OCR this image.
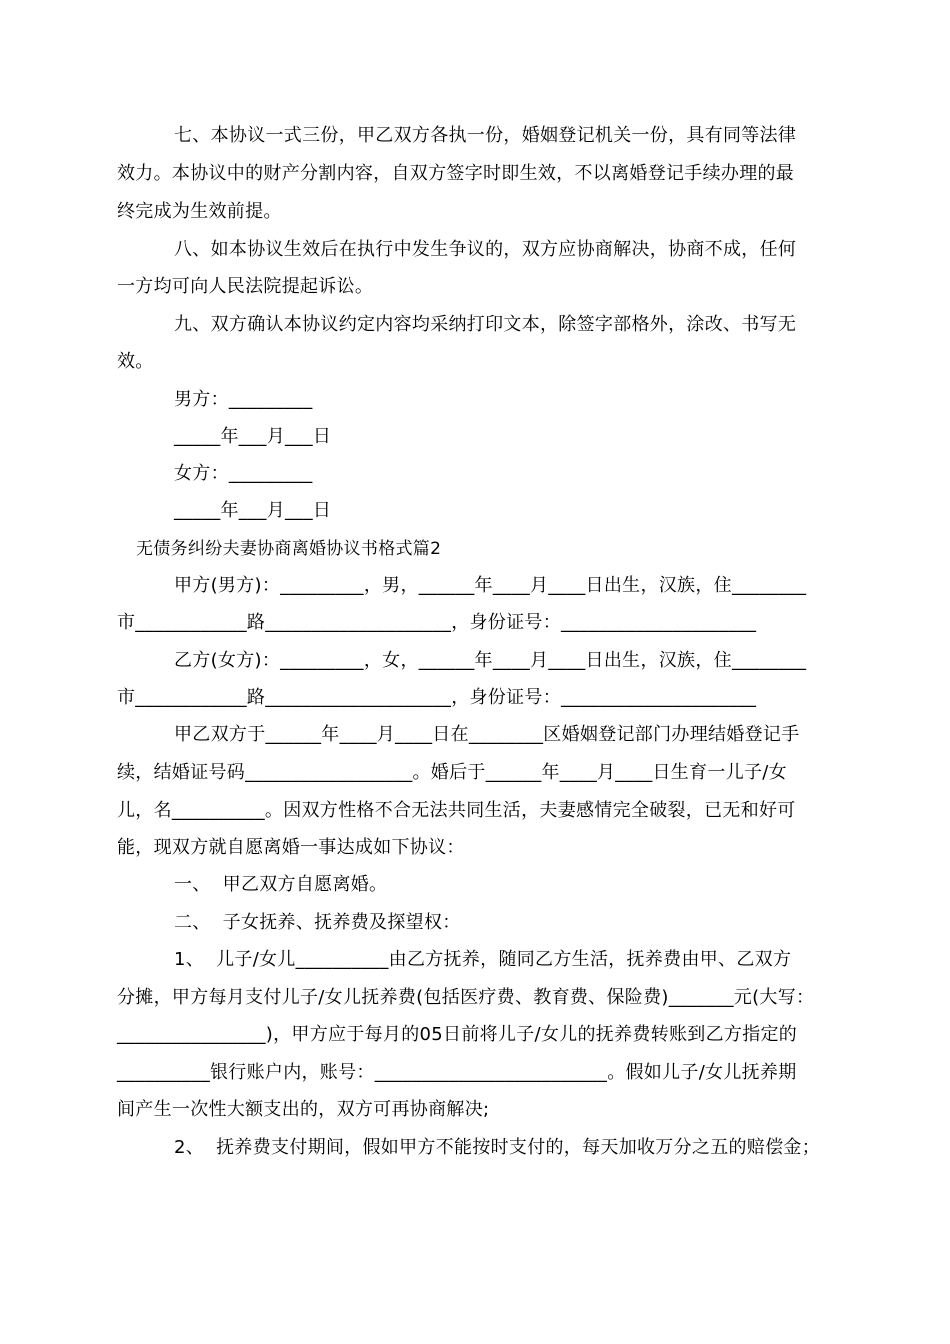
七、本协议一式三份，甲乙双方各执一份，婚姻登记机关一份，具有同等法律
效力。本协议中的财产分割内容，自双方签字时即生效，不以离婚登记手续办理的最
终完成为生效前提。
八、如本协议生效后在执行中发生争议的，双方应协商解决，协商不成，任何
一方均可向人民法院提起诉讼。
九、双方确认本协议约定内容均采纳打印文本，除签字部格外，涂改、书写无
效。
男方：_________
_____年___月___日
女方：_________
_____年___月___日
无债务纠纷夫妻协商离婚协议书格式篇2
甲方(男方)：_________，男，______年____月____日出生，汉族，住________
市____________路____________________，身份证号：_____________________
乙方(女方)：_________，女，______年____月____日出生，汉族，住________
市____________路____________________，身份证号：_____________________
甲乙双方于______年____月____日在________区婚姻登记部门办理结婚登记手
续，结婚证号码__________________。婚后于______年____月____日生育一儿子/女
儿，名__________。因双方性格不合无法共同生活，夫妻感情完全破裂，已无和好可
能，现双方就自愿离婚一事达成如下协议：
一、  甲乙双方自愿离婚。
二、  子女抚养、抚养费及探望权：
1、  儿子/女儿__________由乙方抚养，随同乙方生活，抚养费由甲、乙双方
分摊，甲方每月支付儿子/女儿抚养费(包括医疗费、教育费、保险费)_______元(大写：
________________)，甲方应于每月的05日前将儿子/女儿的抚养费转账到乙方指定的
__________银行账户内，账号：_________________________。假如儿子/女儿抚养期
间产生一次性大额支出的，双方可再协商解决;
2、  抚养费支付期间，假如甲方不能按时支付的，每天加收万分之五的赔偿金；
